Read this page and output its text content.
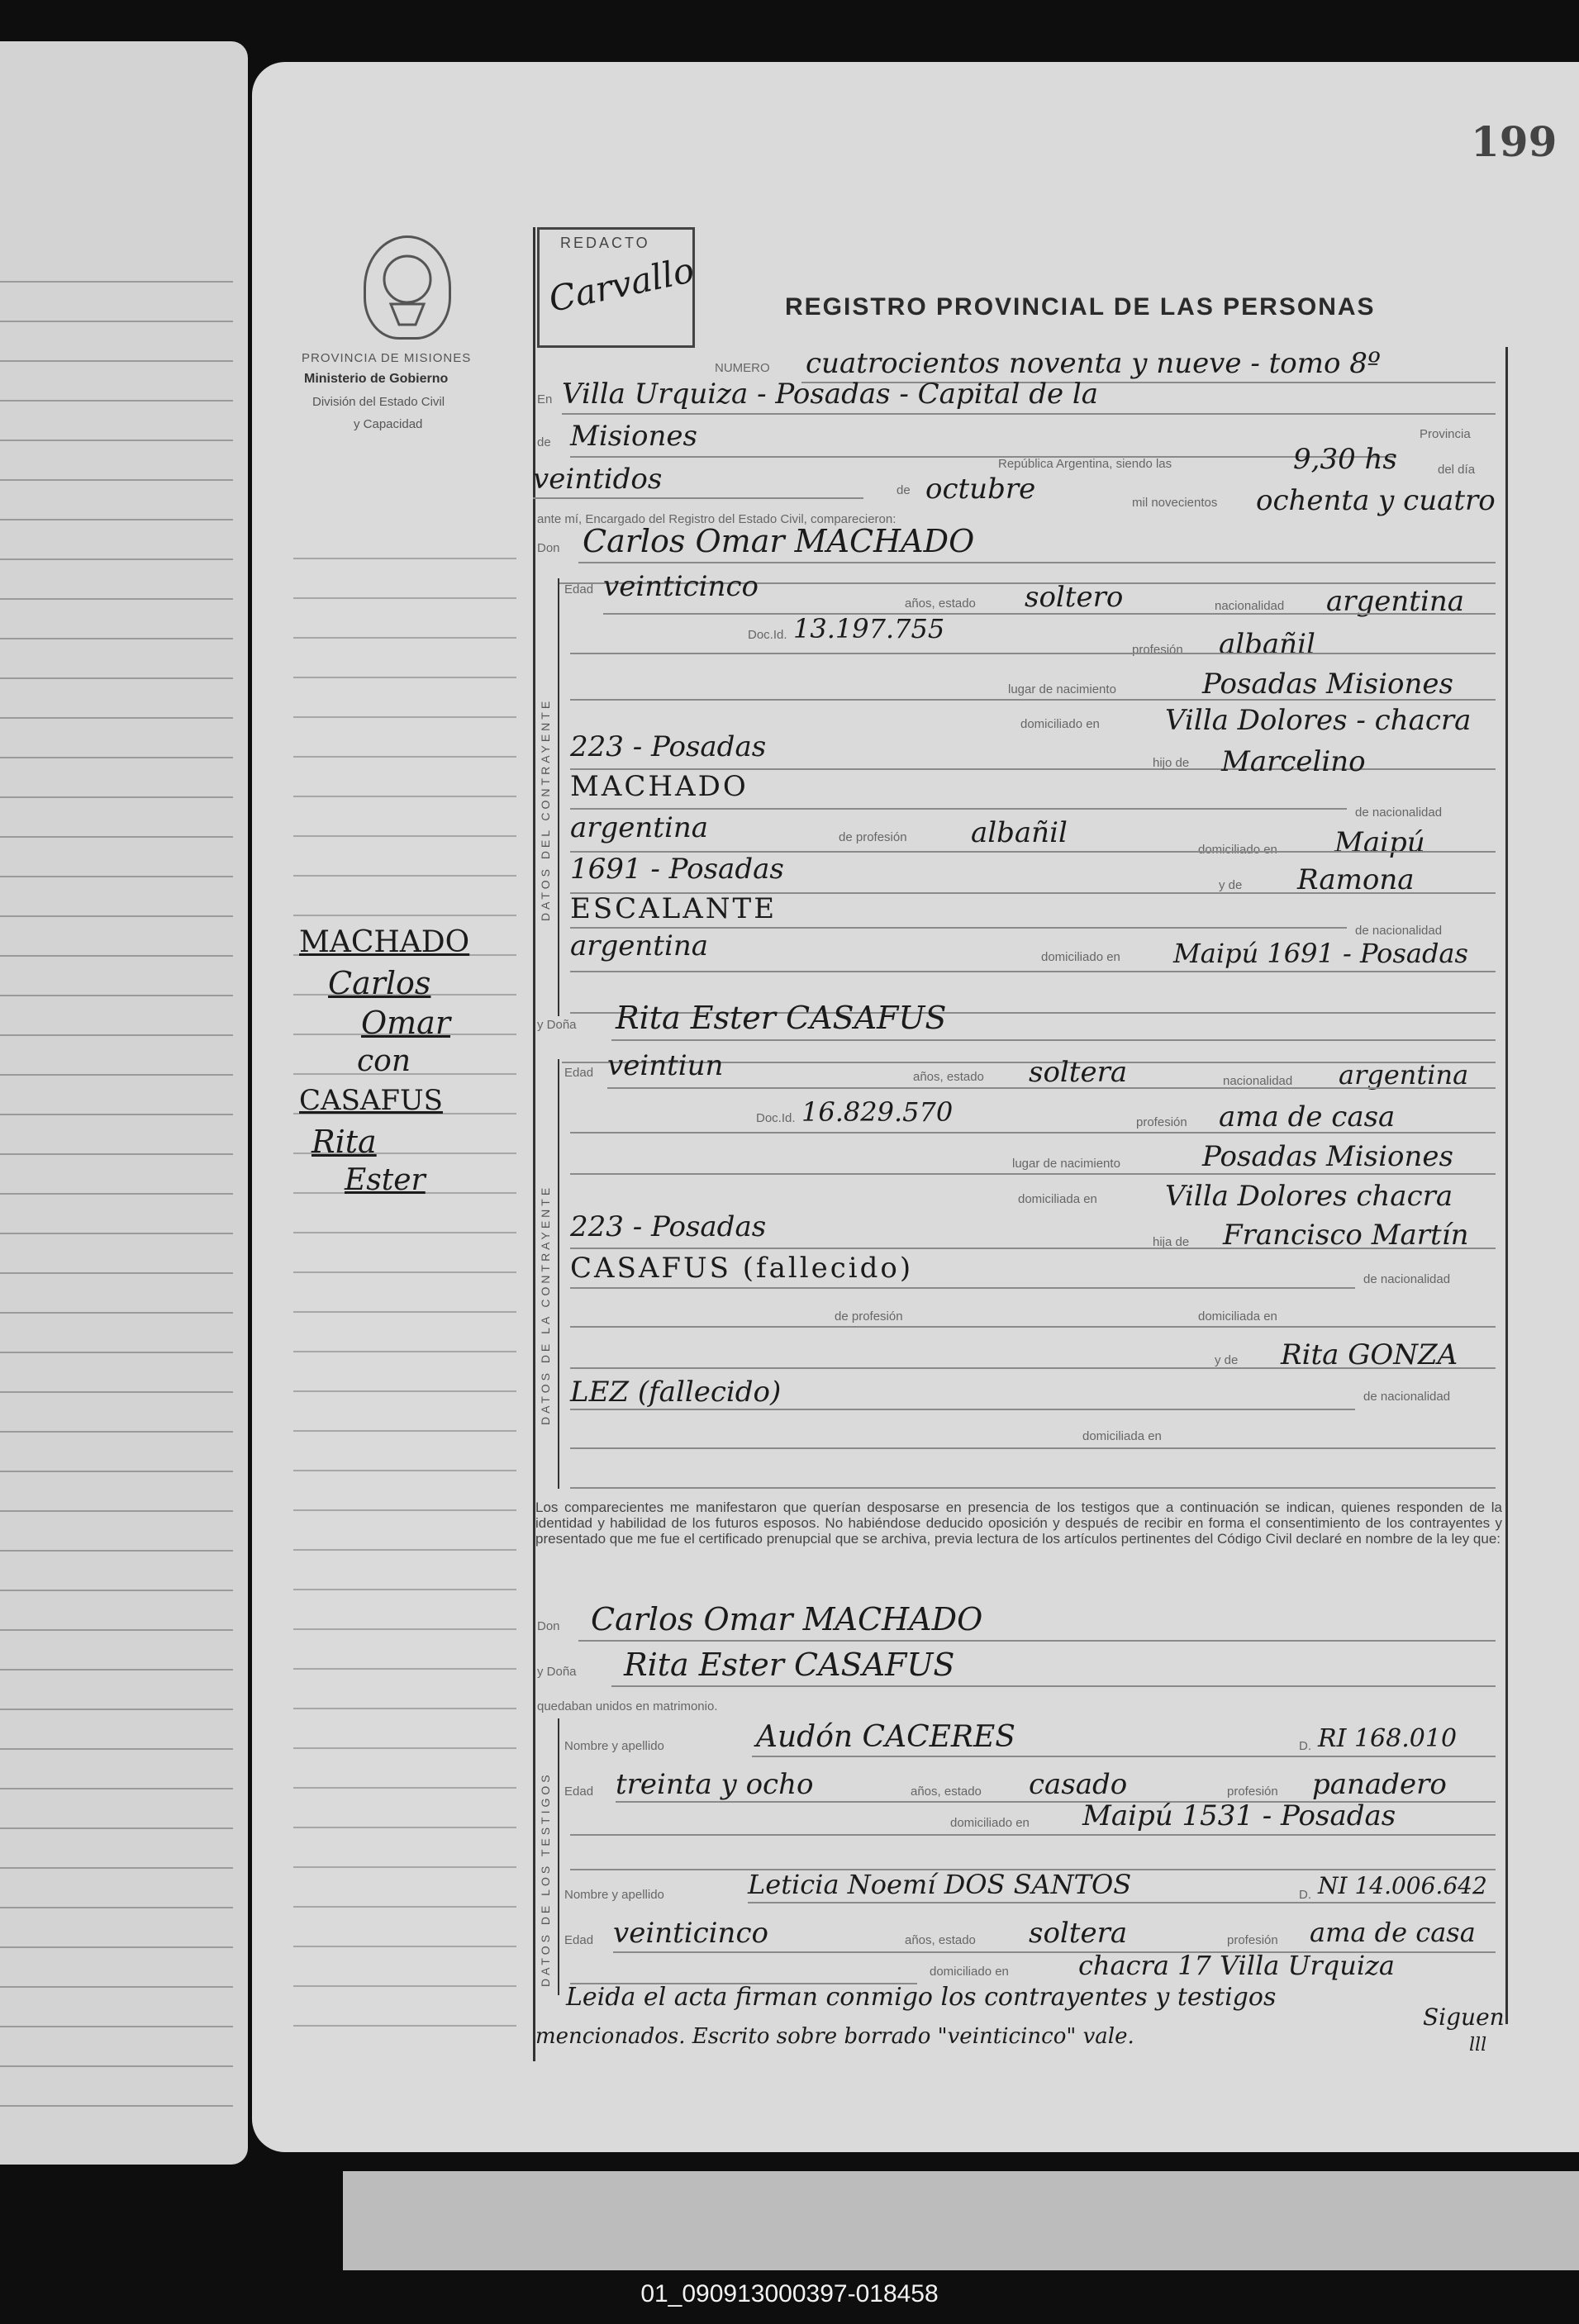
199
PROVINCIA DE MISIONES
Ministerio de Gobierno
División del Estado Civil
y Capacidad
REDACTO
Carvallo	REGISTRO PROVINCIAL DE LAS PERSONAS
NUMERO cuatrocientos noventa y nueve - tomo 8º
En Villa Urquiza - Posadas - Capital de la
de Misiones	Provincia
República Argentina, siendo las	9,30 hs	del día
veintidos	de octubre	mil novecientos ochenta y cuatro
ante mí, Encargado del Registro del Estado Civil, comparecieron:
Don Carlos Omar MACHADO
DATOS DEL CONTRAYENTE
Edad veinticinco
años, estado soltero	nacionalidad argentina
Doc.Id. 13.197.755
profesión albañil
lugar de nacimiento	Posadas Misiones
domiciliado en Villa Dolores - chacra
223 - Posadas	hijo de Marcelino
MACHADO
de nacionalidad
argentina	de profesión albañil
domiciliado en Maipú
1691 - Posadas	y de Ramona
ESCALANTE
de nacionalidad
argentina	domiciliado en Maipú 1691 - Posadas
y Doña Rita Ester CASAFUS
DATOS DE LA CONTRAYENTE
Edad veintiun	años, estado soltera	nacionalidad argentina
Doc.Id. 16.829.570	profesión ama de casa
lugar de nacimiento	Posadas Misiones
domiciliada en Villa Dolores chacra
223 - Posadas	hija de Francisco Martín
CASAFUS (fallecido)	de nacionalidad
de profesión	domiciliada en
y de Rita GONZA
LEZ (fallecido)	de nacionalidad
domiciliada en
Los comparecientes me manifestaron que querían desposarse en presencia de los testigos que a continuación se indican, quienes responden de la identidad y habilidad de los futuros esposos. No habiéndose deducido oposición y después de recibir en forma el consentimiento de los contrayentes y presentado que me fue el certificado prenupcial que se archiva, previa lectura de los artículos pertinentes del Código Civil declaré en nombre de la ley que:
Don Carlos Omar MACHADO
y Doña Rita Ester CASAFUS
quedaban unidos en matrimonio.
DATOS DE LOS TESTIGOS
Nombre y apellido	Audón CACERES	D. RI 168.010
Edad treinta y ocho	años, estado casado	profesión panadero
domiciliado en Maipú 1531 - Posadas
Nombre y apellido	Leticia Noemí DOS SANTOS	D. NI 14.006.642
Edad veinticinco	años, estado soltera	profesión ama de casa
domiciliado en	chacra 17 Villa Urquiza
Leida el acta firman conmigo los contrayentes y testigos
mencionados. Escrito sobre borrado "veinticinco" vale.
Siguen
lll
MACHADO
Carlos
Omar
con
CASAFUS
Rita
Ester
01_090913000397-018458
